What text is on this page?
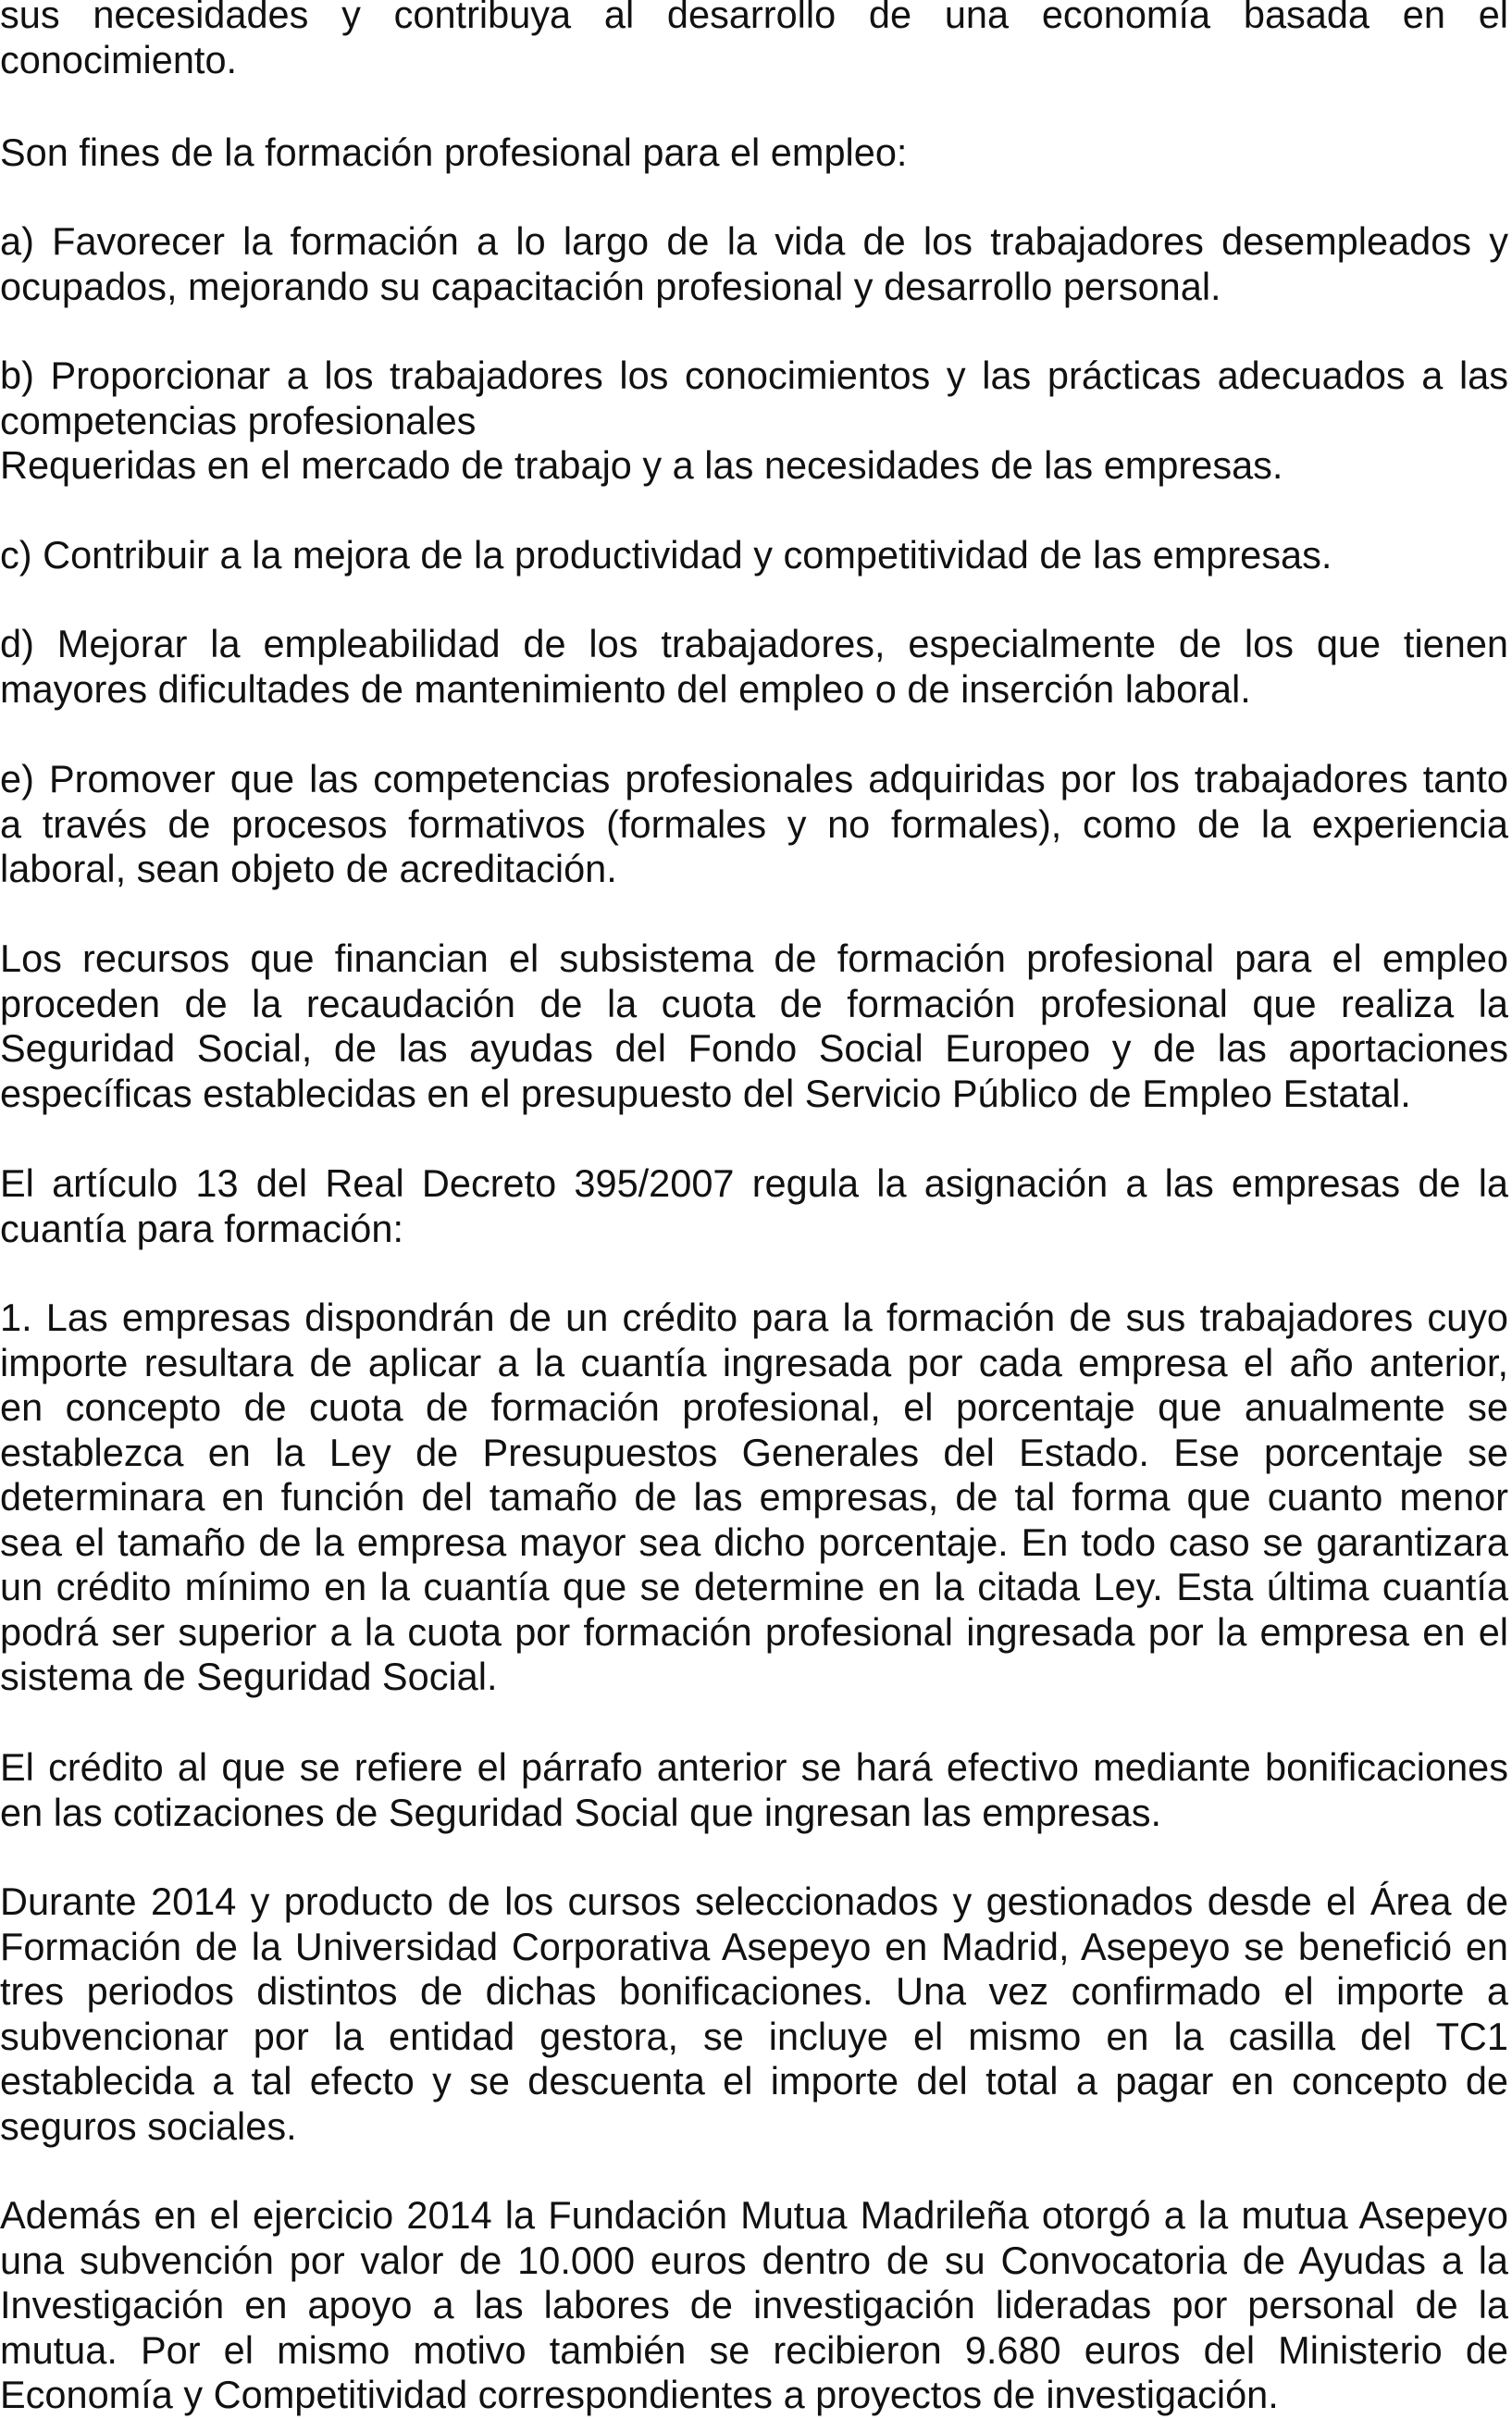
sus necesidades y contribuya al desarrollo de una economía basada en el
conocimiento.

Son fines de la formación profesional para el empleo:

a) Favorecer la formación a lo largo de la vida de los trabajadores desempleados y
ocupados, mejorando su capacitación profesional y desarrollo personal.

b) Proporcionar a los trabajadores los conocimientos y las prácticas adecuados a las
competencias profesionales
Requeridas en el mercado de trabajo y a las necesidades de las empresas.

c) Contribuir a la mejora de la productividad y competitividad de las empresas.

d) Mejorar la empleabilidad de los trabajadores, especialmente de los que tienen
mayores dificultades de mantenimiento del empleo o de inserción laboral.

e) Promover que las competencias profesionales adquiridas por los trabajadores tanto
a través de procesos formativos (formales y no formales), como de la experiencia
laboral, sean objeto de acreditación.

Los recursos que financian el subsistema de formación profesional para el empleo
proceden de la recaudación de la cuota de formación profesional que realiza la
Seguridad Social, de las ayudas del Fondo Social Europeo y de las aportaciones
específicas establecidas en el presupuesto del Servicio Público de Empleo Estatal.

El artículo 13 del Real Decreto 395/2007 regula la asignación a las empresas de la
cuantía para formación:

1. Las empresas dispondrán de un crédito para la formación de sus trabajadores cuyo
importe resultara de aplicar a la cuantía ingresada por cada empresa el año anterior,
en concepto de cuota de formación profesional, el porcentaje que anualmente se
establezca en la Ley de Presupuestos Generales del Estado. Ese porcentaje se
determinara en función del tamaño de las empresas, de tal forma que cuanto menor
sea el tamaño de la empresa mayor sea dicho porcentaje. En todo caso se garantizara
un crédito mínimo en la cuantía que se determine en la citada Ley. Esta última cuantía
podrá ser superior a la cuota por formación profesional ingresada por la empresa en el
sistema de Seguridad Social.

El crédito al que se refiere el párrafo anterior se hará efectivo mediante bonificaciones
en las cotizaciones de Seguridad Social que ingresan las empresas.

Durante 2014 y producto de los cursos seleccionados y gestionados desde el Área de
Formación de la Universidad Corporativa Asepeyo en Madrid, Asepeyo se benefició en
tres periodos distintos de dichas bonificaciones. Una vez confirmado el importe a
subvencionar por la entidad gestora, se incluye el mismo en la casilla del TC1
establecida a tal efecto y se descuenta el importe del total a pagar en concepto de
seguros sociales.

Además en el ejercicio 2014 la Fundación Mutua Madrileña otorgó a la mutua Asepeyo
una subvención por valor de 10.000 euros dentro de su Convocatoria de Ayudas a la
Investigación en apoyo a las labores de investigación lideradas por personal de la
mutua. Por el mismo motivo también se recibieron 9.680 euros del Ministerio de
Economía y Competitividad correspondientes a proyectos de investigación.
